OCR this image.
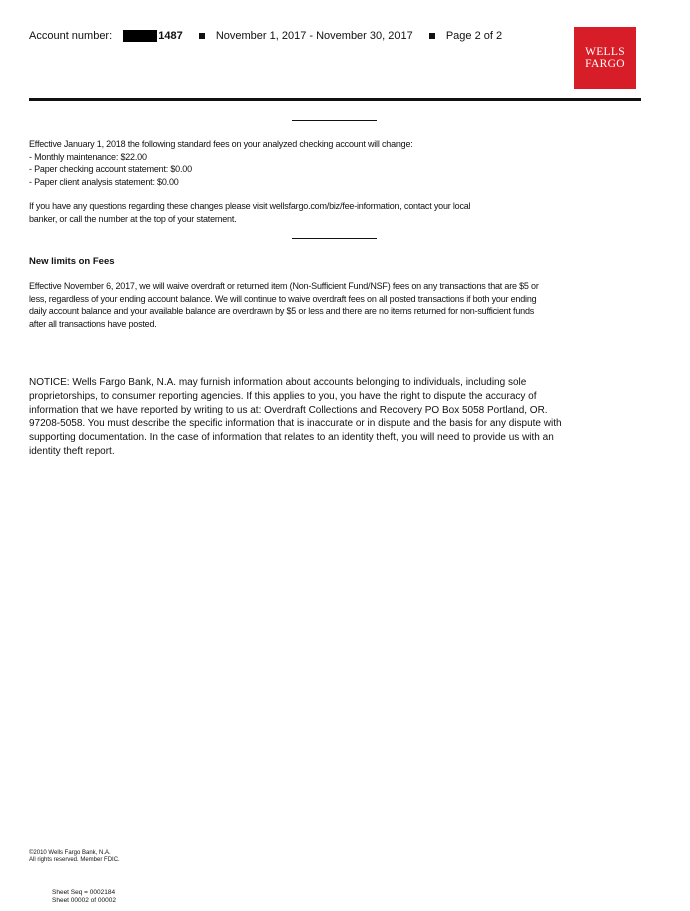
Account number:	1487	November 1, 2017 - November 30, 2017	Page 2 of 2
WELLS
FARGO

Effective January 1, 2018 the following standard fees on your analyzed checking account will change:

- Monthly maintenance: $22.00

- Paper checking account statement: $0.00

- Paper client analysis statement: $0.00

If you have any questions regarding these changes please visit wellsfargo.com/biz/fee-information, contact your local

banker, or call the number at the top of your statement.

New limits on Fees

Effective November 6, 2017, we will waive overdraft or returned item (Non-Sufficient Fund/NSF) fees on any transactions that are $5 or

less, regardless of your ending account balance. We will continue to waive overdraft fees on all posted transactions if both your ending

daily account balance and your available balance are overdrawn by $5 or less and there are no items returned for non-sufficient funds

after all transactions have posted.

NOTICE: Wells Fargo Bank, N.A. may furnish information about accounts belonging to individuals, including sole
proprietorships, to consumer reporting agencies. If this applies to you, you have the right to dispute the accuracy of
information that we have reported by writing to us at: Overdraft Collections and Recovery PO Box 5058 Portland, OR.
97208-5058. You must describe the specific information that is inaccurate or in dispute and the basis for any dispute with
supporting documentation. In the case of information that relates to an identity theft, you will need to provide us with an
identity theft report.
©2010 Wells Fargo Bank, N.A.
All rights reserved. Member FDIC.
Sheet Seq = 0002184
Sheet 00002 of 00002
